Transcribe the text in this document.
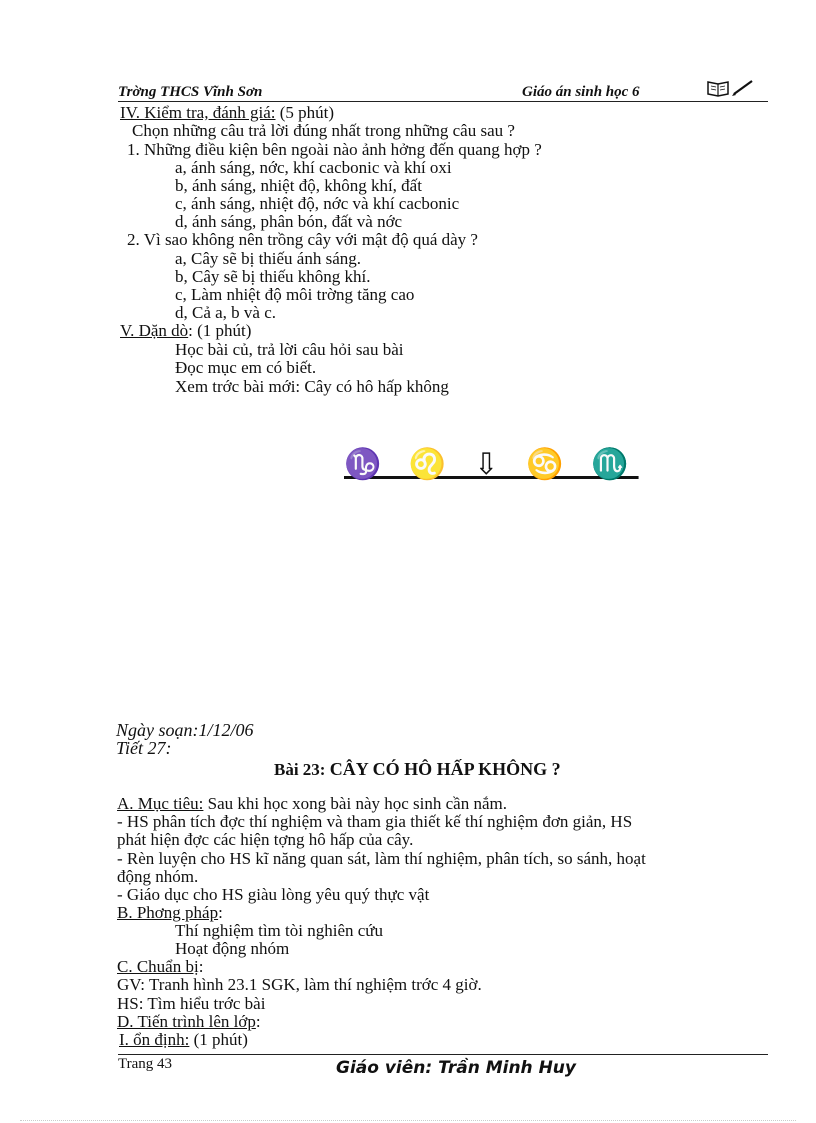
Trờng THCS Vĩnh Sơn	Giáo án sinh học 6
IV. Kiểm tra, đánh giá: (5 phút)
Chọn những câu trả lời đúng nhất trong những câu sau ?
1. Những điều kiện bên ngoài nào ảnh hởng đến quang hợp ?
a, ánh sáng, nớc, khí cacbonic và khí oxi
b, ánh sáng, nhiệt độ, không khí, đất
c, ánh sáng, nhiệt độ, nớc và khí cacbonic
d, ánh sáng, phân bón, đất và nớc
2. Vì sao không nên trồng cây với mật độ quá dày ?
a, Cây sẽ bị thiếu ánh sáng.
b, Cây sẽ bị thiếu không khí.
c, Làm nhiệt độ môi trờng tăng cao
d, Cả a, b và c.
V. Dặn dò: (1 phút)
Học bài củ, trả lời câu hỏi sau bài
Đọc mục em có biết.
Xem trớc bài mới: Cây có hô hấp không
♑ ♌ ⇩ ♋ ♏
Ngày soạn:1/12/06
Tiết 27:
Bài 23: CÂY CÓ HÔ HẤP KHÔNG ?
A. Mục tiêu: Sau khi học xong bài này học sinh cần nắm.
- HS phân tích đợc thí nghiệm và tham gia thiết kế thí nghiệm đơn giản, HS
phát hiện đợc các hiện tợng hô hấp của cây.
- Rèn luyện cho HS kĩ năng quan sát, làm thí nghiệm, phân tích, so sánh, hoạt
động nhóm.
- Giáo dục cho HS giàu lòng yêu quý thực vật
B. Phơng pháp:
Thí nghiệm tìm tòi nghiên cứu
Hoạt động nhóm
C. Chuẩn bị:
GV: Tranh hình 23.1 SGK, làm thí nghiệm trớc 4 giờ.
HS: Tìm hiểu trớc bài
D. Tiến trình lên lớp:
I. ổn định: (1 phút)
Trang 43	Giáo viên: Trần Minh Huy
